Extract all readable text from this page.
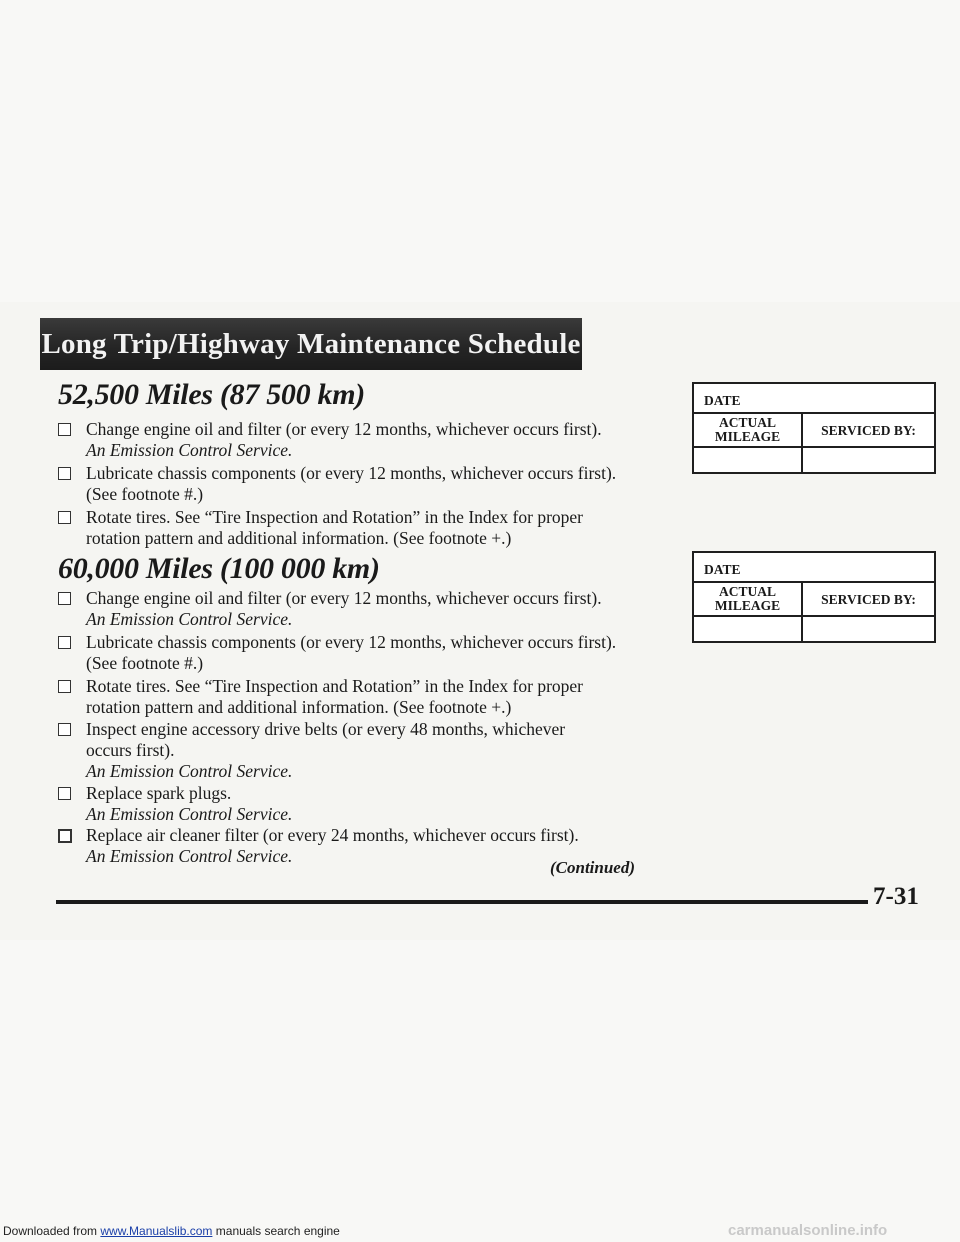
Long Trip/Highway Maintenance Schedule
52,500 Miles (87 500 km)
Change engine oil and filter (or every 12 months, whichever occurs first).
An Emission Control Service.
Lubricate chassis components (or every 12 months, whichever occurs first).
(See footnote #.)
Rotate tires. See “Tire Inspection and Rotation” in the Index for proper
rotation pattern and additional information. (See footnote +.)
DATE
ACTUAL
MILEAGE	SERVICED BY:
60,000 Miles (100 000 km)
Change engine oil and filter (or every 12 months, whichever occurs first).
An Emission Control Service.
Lubricate chassis components (or every 12 months, whichever occurs first).
(See footnote #.)
Rotate tires. See “Tire Inspection and Rotation” in the Index for proper
rotation pattern and additional information. (See footnote +.)
Inspect engine accessory drive belts (or every 48 months, whichever
occurs first).
An Emission Control Service.
Replace spark plugs.
An Emission Control Service.
Replace air cleaner filter (or every 24 months, whichever occurs first).
An Emission Control Service.
DATE
ACTUAL
MILEAGE	SERVICED BY:
(Continued)
7-31
Downloaded from www.Manualslib.com manuals search engine	carmanualsonline.info
